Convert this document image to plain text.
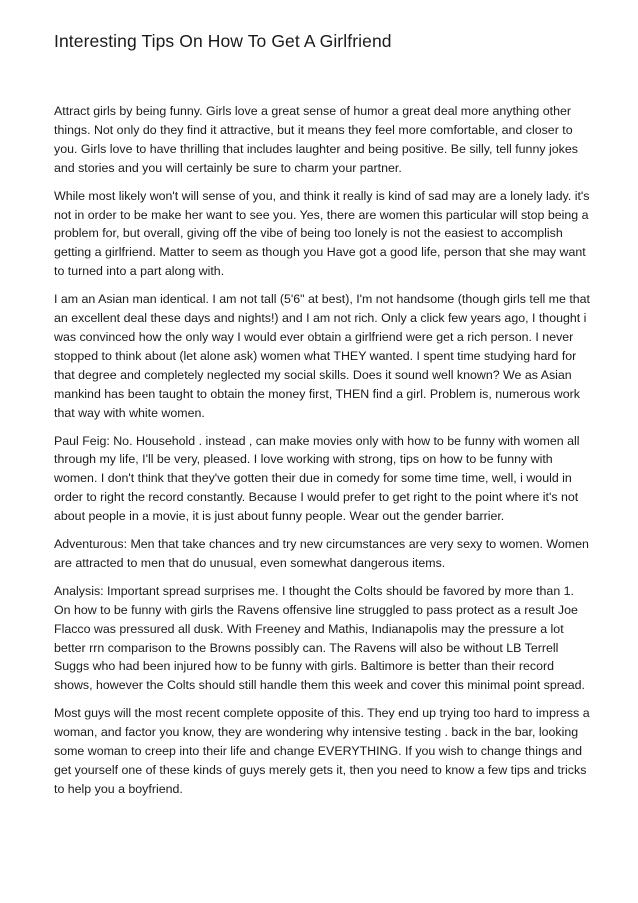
Interesting Tips On How To Get A Girlfriend

Attract girls by being funny. Girls love a great sense of humor a great deal more anything other things. Not only do they find it attractive, but it means they feel more comfortable, and closer to you. Girls love to have thrilling that includes laughter and being positive. Be silly, tell funny jokes and stories and you will certainly be sure to charm your partner.

While most likely won't will sense of you, and think it really is kind of sad may are a lonely lady. it's not in order to be make her want to see you. Yes, there are women this particular will stop being a problem for, but overall, giving off the vibe of being too lonely is not the easiest to accomplish getting a girlfriend. Matter to seem as though you Have got a good life, person that she may want to turned into a part along with.

I am an Asian man identical. I am not tall (5'6" at best), I'm not handsome (though girls tell me that an excellent deal these days and nights!) and I am not rich. Only a click few years ago, I thought i was convinced how the only way I would ever obtain a girlfriend were get a rich person. I never stopped to think about (let alone ask) women what THEY wanted. I spent time studying hard for that degree and completely neglected my social skills. Does it sound well known? We as Asian mankind has been taught to obtain the money first, THEN find a girl. Problem is, numerous work that way with white women.

Paul Feig: No. Household . instead , can make movies only with how to be funny with women all through my life, I'll be very, pleased. I love working with strong, tips on how to be funny with women. I don't think that they've gotten their due in comedy for some time time, well, i would in order to right the record constantly. Because I would prefer to get right to the point where it's not about people in a movie, it is just about funny people. Wear out the gender barrier.

Adventurous: Men that take chances and try new circumstances are very sexy to women. Women are attracted to men that do unusual, even somewhat dangerous items.

Analysis: Important spread surprises me. I thought the Colts should be favored by more than 1. On how to be funny with girls the Ravens offensive line struggled to pass protect as a result Joe Flacco was pressured all dusk. With Freeney and Mathis, Indianapolis may the pressure a lot better rrn comparison to the Browns possibly can. The Ravens will also be without LB Terrell Suggs who had been injured how to be funny with girls. Baltimore is better than their record shows, however the Colts should still handle them this week and cover this minimal point spread.

Most guys will the most recent complete opposite of this. They end up trying too hard to impress a woman, and factor you know, they are wondering why intensive testing . back in the bar, looking some woman to creep into their life and change EVERYTHING. If you wish to change things and get yourself one of these kinds of guys merely gets it, then you need to know a few tips and tricks to help you a boyfriend.
